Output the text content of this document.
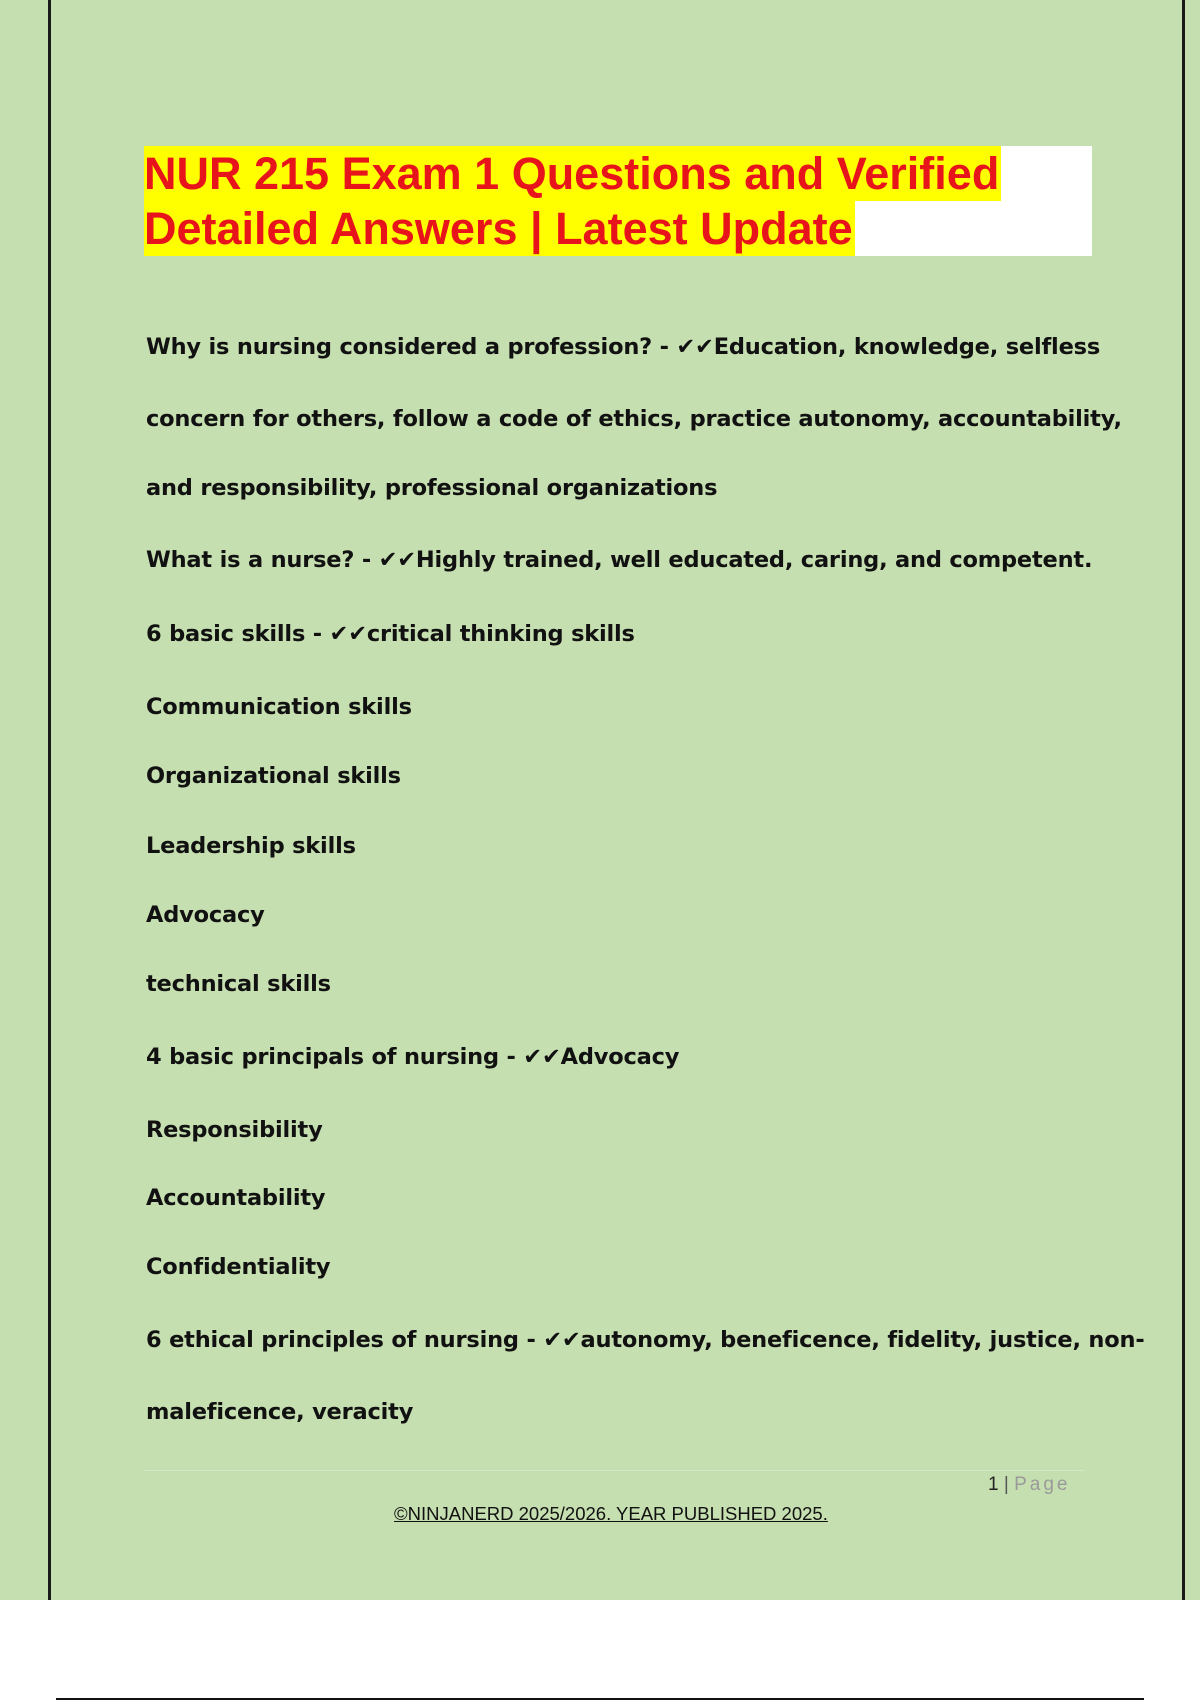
NUR 215 Exam 1 Questions and Verified
Detailed Answers | Latest Update
Why is nursing considered a profession? - ✔✔Education, knowledge, selfless
concern for others, follow a code of ethics, practice autonomy, accountability,
and responsibility, professional organizations
What is a nurse? - ✔✔Highly trained, well educated, caring, and competent.
6 basic skills - ✔✔critical thinking skills
Communication skills
Organizational skills
Leadership skills
Advocacy
technical skills
4 basic principals of nursing - ✔✔Advocacy
Responsibility
Accountability
Confidentiality
6 ethical principles of nursing - ✔✔autonomy, beneficence, fidelity, justice, non-
maleficence, veracity
1 | Page
©NINJANERD 2025/2026. YEAR PUBLISHED 2025.
